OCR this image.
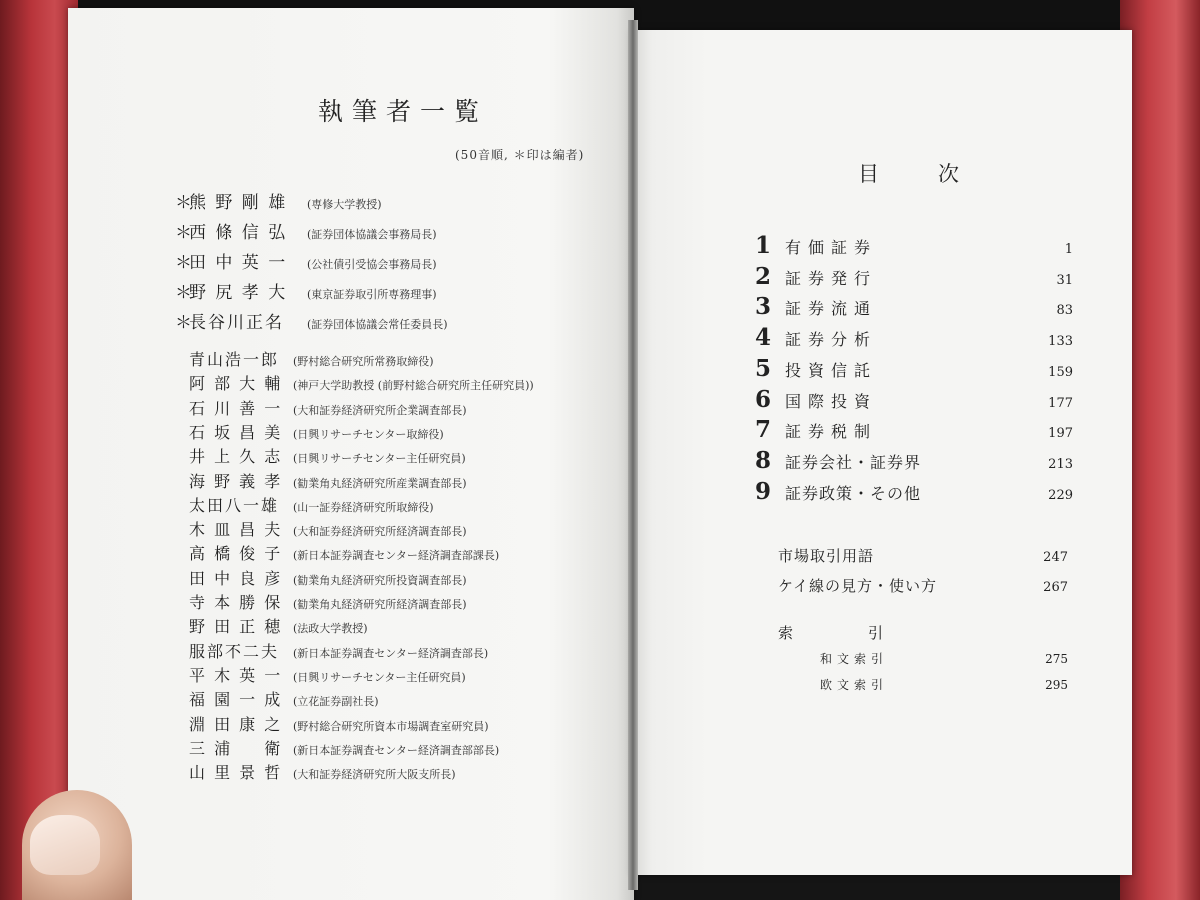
執筆者一覧
(50音順, ＊印は編者)
＊
熊 野 剛 雄	(専修大学教授)
＊
西 條 信 弘	(証券団体協議会事務局長)
＊
田 中 英 一	(公社債引受協会事務局長)
＊
野 尻 孝 大	(東京証券取引所専務理事)
＊
長谷川正名	(証券団体協議会常任委員長)
青山浩一郎	(野村総合研究所常務取締役)
阿 部 大 輔 (神戸大学助教授 (前野村総合研究所主任研究員))
石 川 善 一 (大和証券経済研究所企業調査部長)
石 坂 昌 美 (日興リサーチセンター取締役)
井 上 久 志 (日興リサーチセンター主任研究員)
海 野 義 孝 (勧業角丸経済研究所産業調査部長)
太田八一雄	(山一証券経済研究所取締役)
木 皿 昌 夫 (大和証券経済研究所経済調査部長)
高 橋 俊 子 (新日本証券調査センター経済調査部課長)
田 中 良 彦 (勧業角丸経済研究所投資調査部長)
寺 本 勝 保 (勧業角丸経済研究所経済調査部長)
野 田 正 穂 (法政大学教授)
服部不二夫	(新日本証券調査センター経済調査部長)
平 木 英 一 (日興リサーチセンター主任研究員)
福 園 一 成 (立花証券副社長)
淵 田 康 之 (野村総合研究所資本市場調査室研究員)
三 浦 　 衛 (新日本証券調査センター経済調査部部長)
山 里 景 哲 (大和証券経済研究所大阪支所長)
目	次
1 有価証券	1
2 証券発行	31
3 証券流通	83
4 証券分析	133
5 投資信託	159
6 国際投資	177
7 証券税制	197
8 証券会社・証券界	213
9 証券政策・その他	229
市場取引用語	247
ケイ線の見方・使い方	267
索	引
和文索引	275
欧文索引	295
